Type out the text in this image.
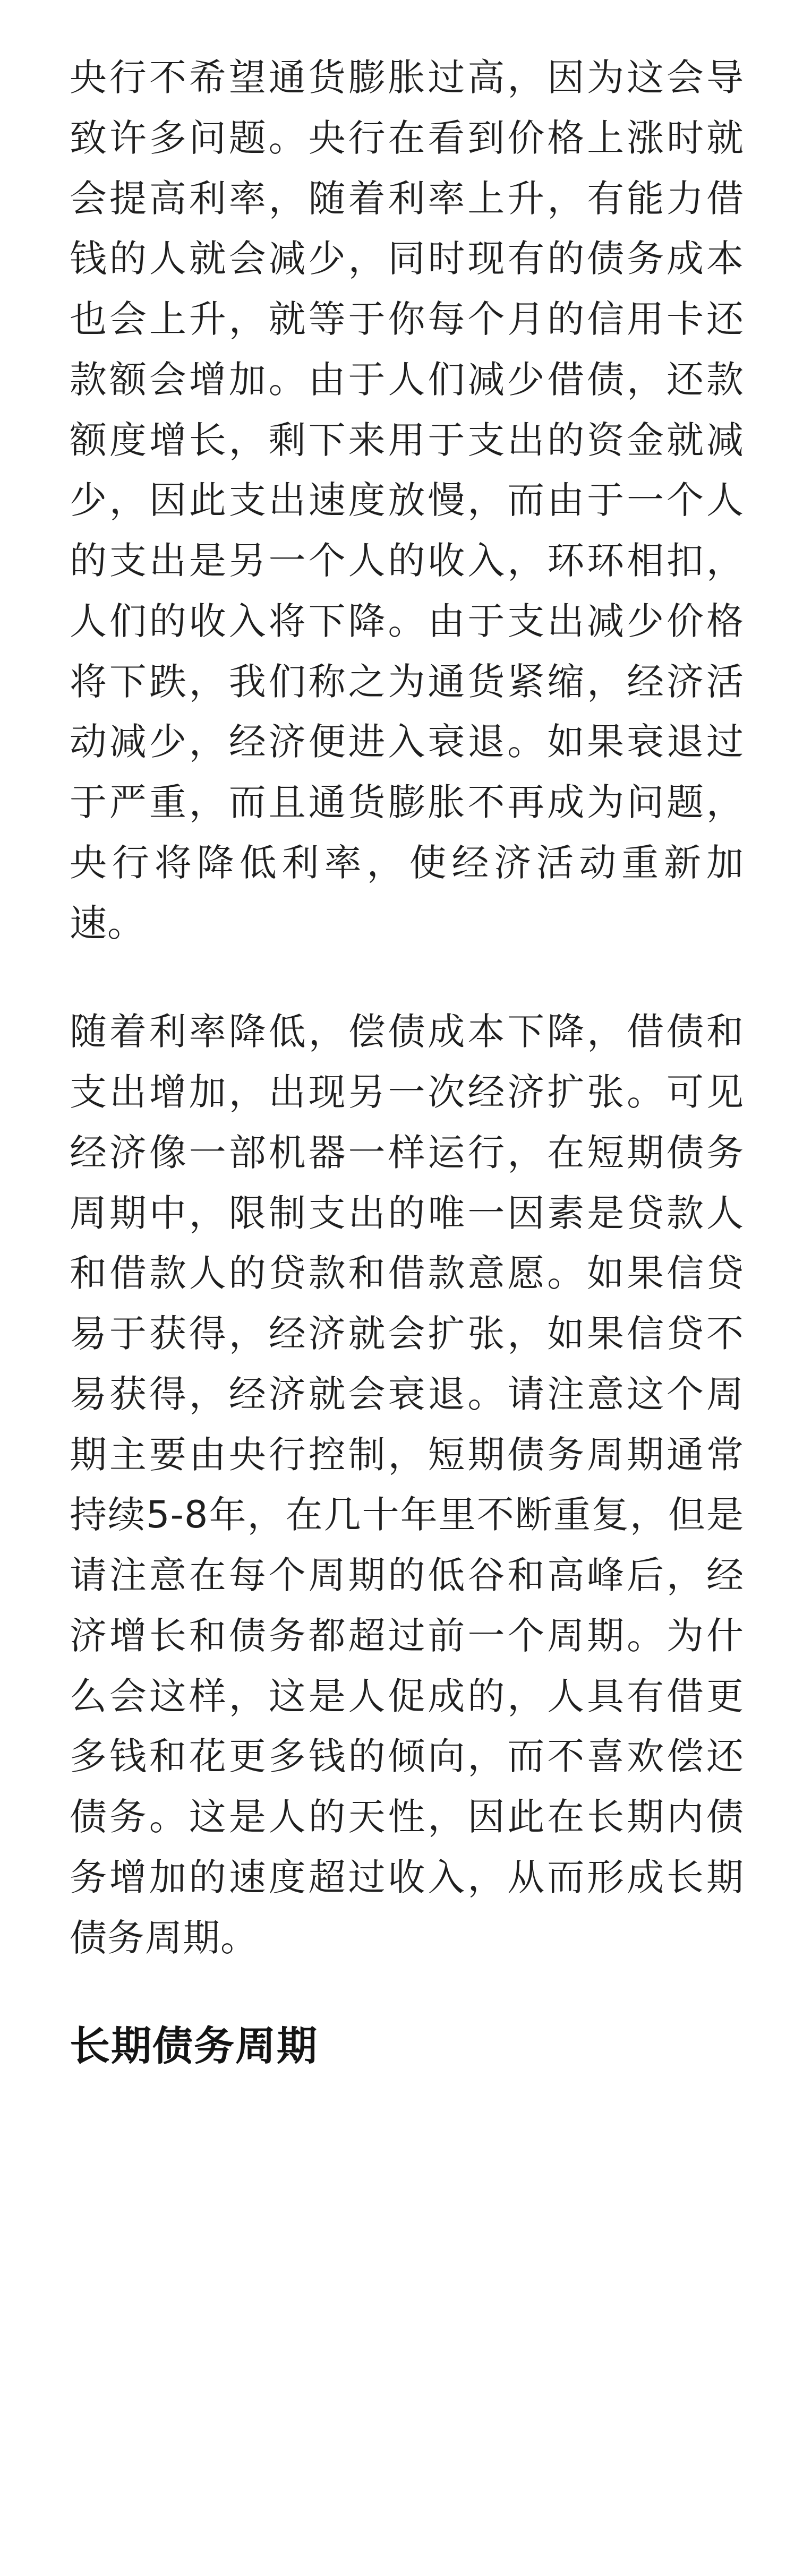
央行不希望通货膨胀过高，因为这会导致许多问题。央行在看到价格上涨时就会提高利率，随着利率上升，有能力借钱的人就会减少，同时现有的债务成本也会上升，就等于你每个月的信用卡还款额会增加。由于人们减少借债，还款额度增长，剩下来用于支出的资金就减少，因此支出速度放慢，而由于一个人的支出是另一个人的收入，环环相扣，人们的收入将下降。由于支出减少价格将下跌，我们称之为通货紧缩，经济活动减少，经济便进入衰退。如果衰退过于严重，而且通货膨胀不再成为问题，央行将降低利率，使经济活动重新加速。

随着利率降低，偿债成本下降，借债和支出增加，出现另一次经济扩张。可见经济像一部机器一样运行，在短期债务周期中，限制支出的唯一因素是贷款人和借款人的贷款和借款意愿。如果信贷易于获得，经济就会扩张，如果信贷不易获得，经济就会衰退。请注意这个周期主要由央行控制，短期债务周期通常持续5-8年，在几十年里不断重复，但是请注意在每个周期的低谷和高峰后，经济增长和债务都超过前一个周期。为什么会这样，这是人促成的，人具有借更多钱和花更多钱的倾向，而不喜欢偿还债务。这是人的天性，因此在长期内债务增加的速度超过收入，从而形成长期债务周期。

长期债务周期
